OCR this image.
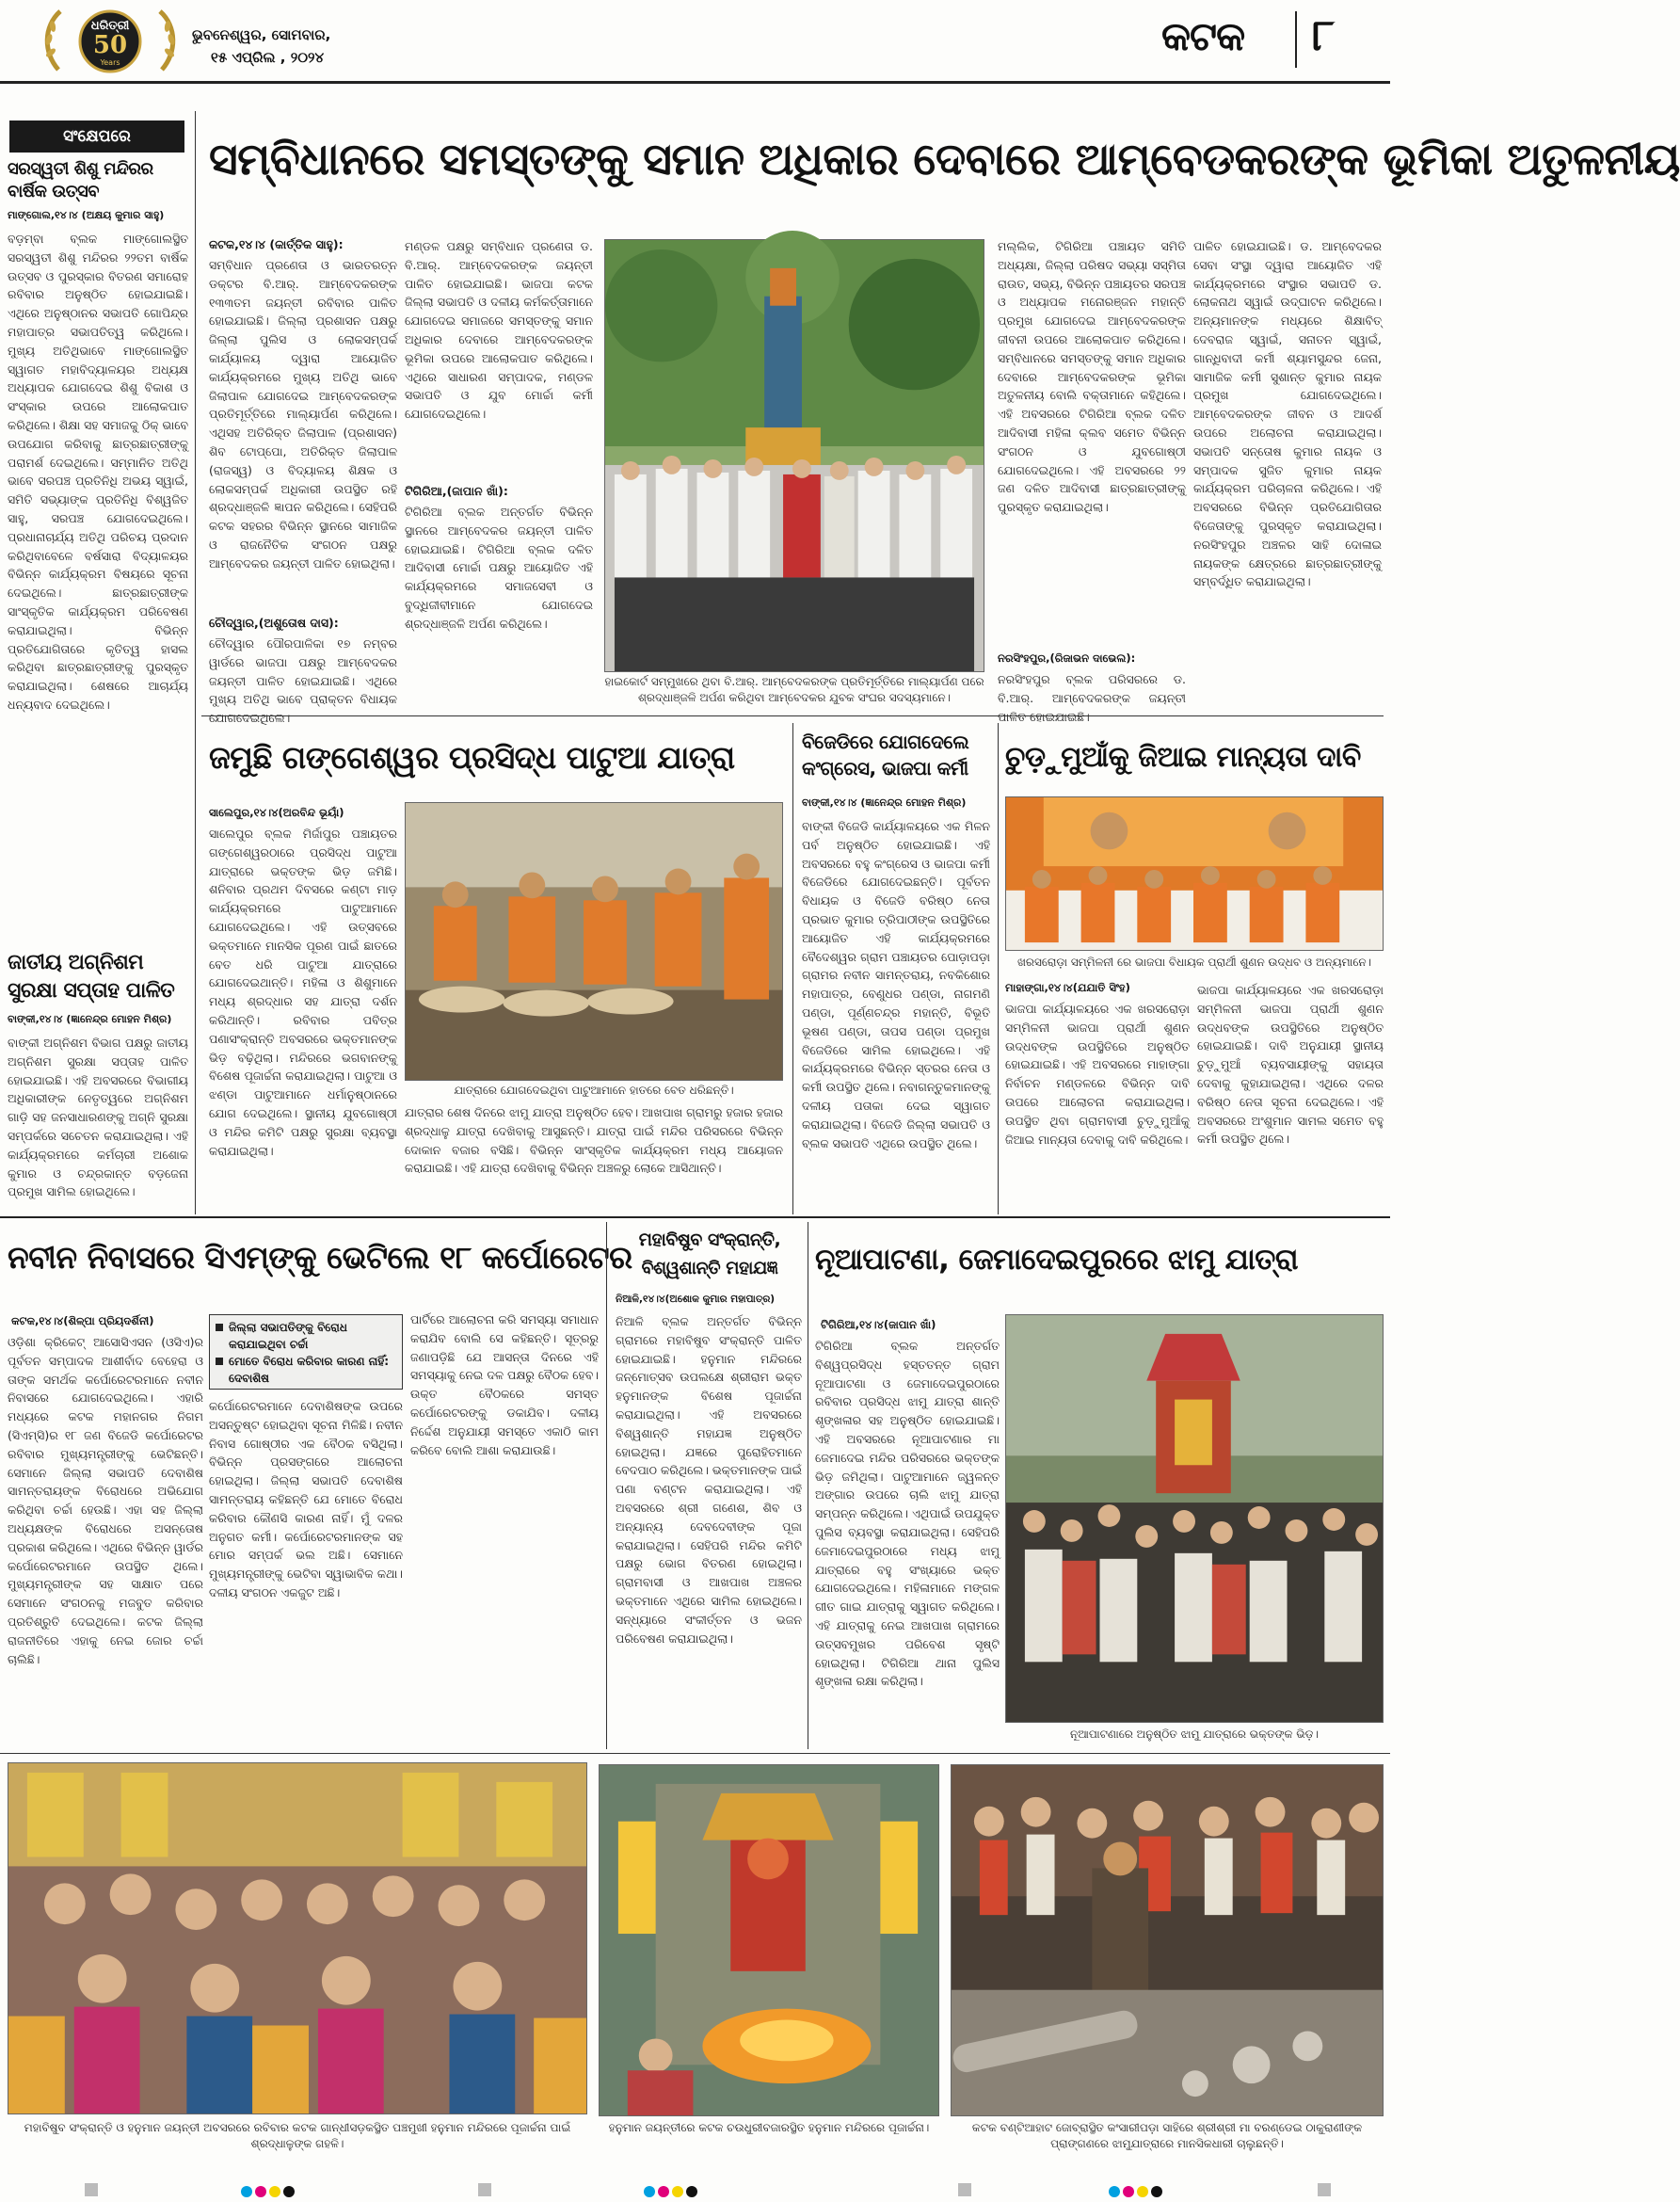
ଧରିତ୍ରୀ
50
Years
ଭୁବନେଶ୍ୱର, ସୋମବାର,
୧୫ ଏପ୍ରିଲ , ୨୦୨୪	କଟକ ୮
ସଂକ୍ଷେପରେ
ସରସ୍ୱତୀ ଶିଶୁ ମନ୍ଦିରର ବାର୍ଷିକ ଉତ୍ସବ
ମାଙ୍ଗୋଲ,୧୪।୪ (ଅକ୍ଷୟ କୁମାର ସାହୁ)
ବଡ଼ମ୍ବା ବ୍ଲକ ମାଙ୍ଗୋଲସ୍ଥିତ ସରସ୍ୱତୀ ଶିଶୁ ମନ୍ଦିରର ୨୨ତମ ବାର୍ଷିକ ଉତ୍ସବ ଓ ପୁରସ୍କାର ବିତରଣ ସମାରୋହ ରବିବାର ଅନୁଷ୍ଠିତ ହୋଇଯାଇଛି। ଏଥିରେ ଅନୁଷ୍ଠାନର ସଭାପତି ଗୋପିନ୍ଦ୍ର ମହାପାତ୍ର ସଭାପତିତ୍ୱ କରିଥିଲେ। ମୁଖ୍ୟ ଅତିଥିଭାବେ ମାଙ୍ଗୋଲସ୍ଥିତ ସ୍ୱାଗତ ମହାବିଦ୍ୟାଳୟର ଅଧ୍ୟକ୍ଷ ଅଧ୍ୟାପକ ଯୋଗଦେଇ ଶିଶୁ ବିକାଶ ଓ ସଂସ୍କାର ଉପରେ ଆଲୋକପାତ କରିଥିଲେ। ଶିକ୍ଷା ସହ ସମାଜକୁ ଠିକ୍ ଭାବେ ଉପଯୋଗ କରିବାକୁ ଛାତ୍ରଛାତ୍ରୀଙ୍କୁ ପରାମର୍ଶ ଦେଇଥିଲେ। ସମ୍ମାନିତ ଅତିଥି ଭାବେ ସରପଞ୍ଚ ପ୍ରତିନିଧି ଅଭୟ ସ୍ୱାଇଁ, ସମିତି ସଭ୍ୟାଙ୍କ ପ୍ରତିନିଧି ବିଶ୍ୱଜିତ ସାହୁ, ସରପଞ୍ଚ ଯୋଗଦେଇଥିଲେ। ପ୍ରଧାନାଚାର୍ଯ୍ୟ ଅତିଥି ପରିଚୟ ପ୍ରଦାନ କରିଥିବାବେଳେ ବର୍ଷସାରା ବିଦ୍ୟାଳୟର ବିଭିନ୍ନ କାର୍ଯ୍ୟକ୍ରମ ବିଷୟରେ ସୂଚନା ଦେଇଥିଲେ। ଛାତ୍ରଛାତ୍ରୀଙ୍କ ସାଂସ୍କୃତିକ କାର୍ଯ୍ୟକ୍ରମ ପରିବେଷଣ କରାଯାଇଥିଲା। ବିଭିନ୍ନ ପ୍ରତିଯୋଗିତାରେ କୃତିତ୍ୱ ହାସଲ କରିଥିବା ଛାତ୍ରଛାତ୍ରୀଙ୍କୁ ପୁରସ୍କୃତ କରାଯାଇଥିଲା। ଶେଷରେ ଆଚାର୍ଯ୍ୟ ଧନ୍ୟବାଦ ଦେଇଥିଲେ।
ଜାତୀୟ ଅଗ୍ନିଶମ ସୁରକ୍ଷା ସପ୍ତାହ ପାଳିତ
ବାଙ୍କୀ,୧୪।୪ (ଜ୍ଞାନେନ୍ଦ୍ର ମୋହନ ମିଶ୍ର)
ବାଙ୍କୀ ଅଗ୍ନିଶମ ବିଭାଗ ପକ୍ଷରୁ ଜାତୀୟ ଅଗ୍ନିଶମ ସୁରକ୍ଷା ସପ୍ତାହ ପାଳିତ ହୋଇଯାଇଛି। ଏହି ଅବସରରେ ବିଭାଗୀୟ ଅଧିକାରୀଙ୍କ ନେତୃତ୍ୱରେ ଅଗ୍ନିଶମ ଗାଡ଼ି ସହ ଜନସାଧାରଣଙ୍କୁ ଅଗ୍ନି ସୁରକ୍ଷା ସମ୍ପର୍କରେ ସଚେତନ କରାଯାଇଥିଲା। ଏହି କାର୍ଯ୍ୟକ୍ରମରେ କର୍ମଚାରୀ ଅଶୋକ କୁମାର ଓ ଚନ୍ଦ୍ରକାନ୍ତ ବଡ଼ଜେନା ପ୍ରମୁଖ ସାମିଲ ହୋଇଥିଲେ।
ସମ୍ବିଧାନରେ ସମସ୍ତଙ୍କୁ ସମାନ ଅଧିକାର ଦେବାରେ ଆମ୍ବେଡକରଙ୍କ ଭୂମିକା ଅତୁଳନୀୟ
କଟକ,୧୪।୪ (କାର୍ତ୍ତିକ ସାହୁ):
ସମ୍ବିଧାନ ପ୍ରଣେତା ଓ ଭାରତରତ୍ନ ଡକ୍ଟର ବି.ଆର୍. ଆମ୍ବେଦକରଙ୍କ ୧୩୩ତମ ଜୟନ୍ତୀ ରବିବାର ପାଳିତ ହୋଇଯାଇଛି। ଜିଲ୍ଲା ପ୍ରଶାସନ ପକ୍ଷରୁ ଜିଲ୍ଲା ପୁଲିସ ଓ ଲୋକସମ୍ପର୍କ କାର୍ଯ୍ୟାଳୟ ଦ୍ୱାରା ଆୟୋଜିତ କାର୍ଯ୍ୟକ୍ରମରେ ମୁଖ୍ୟ ଅତିଥି ଭାବେ ଜିଲାପାଳ ଯୋଗଦେଇ ଆମ୍ବେଦକରଙ୍କ ପ୍ରତିମୂର୍ତ୍ତିରେ ମାଲ୍ୟାର୍ପଣ କରିଥିଲେ। ଏଥିସହ ଅତିରିକ୍ତ ଜିଲାପାଳ (ପ୍ରଶାସନ) ଶିବ ଟୋପ୍ପୋ, ଅତିରିକ୍ତ ଜିଲାପାଳ (ରାଜସ୍ୱ) ଓ ବିଦ୍ୟାଳୟ ଶିକ୍ଷକ ଓ ଲୋକସମ୍ପର୍କ ଅଧିକାରୀ ଉପସ୍ଥିତ ରହି ଶ୍ରଦ୍ଧାଞ୍ଜଳି ଜ୍ଞାପନ କରିଥିଲେ। ସେହିପରି କଟକ ସହରର ବିଭିନ୍ନ ସ୍ଥାନରେ ସାମାଜିକ ଓ ରାଜନୈତିକ ସଂଗଠନ ପକ୍ଷରୁ ଆମ୍ବେଦକର ଜୟନ୍ତୀ ପାଳିତ ହୋଇଥିଲା।
ଚୌଦ୍ୱାର,(ଅଶୁତୋଷ ଦାସ):
ଚୌଦ୍ୱାର ପୌରପାଳିକା ୧୭ ନମ୍ବର ୱାର୍ଡରେ ଭାଜପା ପକ୍ଷରୁ ଆମ୍ବେଦକର ଜୟନ୍ତୀ ପାଳିତ ହୋଇଯାଇଛି। ଏଥିରେ ମୁଖ୍ୟ ଅତିଥି ଭାବେ ପ୍ରାକ୍ତନ ବିଧାୟକ ଯୋଗଦେଇଥିଲେ।
ମଣ୍ଡଳ ପକ୍ଷରୁ ସମ୍ବିଧାନ ପ୍ରଣେତା ଡ. ବି.ଆର୍. ଆମ୍ବେଦକରଙ୍କ ଜୟନ୍ତୀ ପାଳିତ ହୋଇଯାଇଛି। ଭାଜପା କଟକ ଜିଲ୍ଲା ସଭାପତି ଓ ଦଳୀୟ କର୍ମକର୍ତ୍ତାମାନେ ଯୋଗଦେଇ ସମାଜରେ ସମସ୍ତଙ୍କୁ ସମାନ ଅଧିକାର ଦେବାରେ ଆମ୍ବେଦକରଙ୍କ ଭୂମିକା ଉପରେ ଆଲୋକପାତ କରିଥିଲେ। ଏଥିରେ ସାଧାରଣ ସମ୍ପାଦକ, ମଣ୍ଡଳ ସଭାପତି ଓ ଯୁବ ମୋର୍ଚ୍ଚା କର୍ମୀ ଯୋଗଦେଇଥିଲେ।
ଟିଗିରିଆ,(ଜାପାନ ଖାଁ):
ଟିଗିରିଆ ବ୍ଲକ ଅନ୍ତର୍ଗତ ବିଭିନ୍ନ ସ୍ଥାନରେ ଆମ୍ବେଦକର ଜୟନ୍ତୀ ପାଳିତ ହୋଇଯାଇଛି। ଟିଗିରିଆ ବ୍ଲକ ଦଳିତ ଆଦିବାସୀ ମୋର୍ଚ୍ଚା ପକ୍ଷରୁ ଆୟୋଜିତ ଏହି କାର୍ଯ୍ୟକ୍ରମରେ ସମାଜସେବୀ ଓ ବୁଦ୍ଧିଜୀବୀମାନେ ଯୋଗଦେଇ ଶ୍ରଦ୍ଧାଞ୍ଜଳି ଅର୍ପଣ କରିଥିଲେ।
ହାଇକୋର୍ଟ ସମ୍ମୁଖରେ ଥିବା ବି.ଆର୍. ଆମ୍ବେଦକରଙ୍କ ପ୍ରତିମୂର୍ତ୍ତିରେ ମାଲ୍ୟାର୍ପଣ ପରେ ଶ୍ରଦ୍ଧାଞ୍ଜଳି ଅର୍ପଣ କରିଥିବା ଆମ୍ବେଦକର ଯୁବକ ସଂଘର ସଦସ୍ୟମାନେ।
ମଲ୍ଲିକ, ଟିଗିରିଆ ପଞ୍ଚାୟତ ସମିତି ଅଧ୍ୟକ୍ଷା, ଜିଲ୍ଲା ପରିଷଦ ସଭ୍ୟା ସସ୍ମିତା ରାଉତ, ସଭ୍ୟ, ବିଭିନ୍ନ ପଞ୍ଚାୟତର ସରପଞ୍ଚ ଓ ଅଧ୍ୟାପକ ମନୋରଞ୍ଜନ ମହାନ୍ତି ପ୍ରମୁଖ ଯୋଗଦେଇ ଆମ୍ବେଦକରଙ୍କ ଜୀବନୀ ଉପରେ ଆଲୋକପାତ କରିଥିଲେ। ସମ୍ବିଧାନରେ ସମସ୍ତଙ୍କୁ ସମାନ ଅଧିକାର ଦେବାରେ ଆମ୍ବେଦକରଙ୍କ ଭୂମିକା ଅତୁଳନୀୟ ବୋଲି ବକ୍ତାମାନେ କହିଥିଲେ। ଏହି ଅବସରରେ ଟିଗିରିଆ ବ୍ଲକ ଦଳିତ ଆଦିବାସୀ ମହିଳା କ୍ଲବ ସମେତ ବିଭିନ୍ନ ସଂଗଠନ ଓ ଯୁବଗୋଷ୍ଠୀ ଯୋଗଦେଇଥିଲେ। ଏହି ଅବସରରେ ୨୨ ଜଣ ଦଳିତ ଆଦିବାସୀ ଛାତ୍ରଛାତ୍ରୀଙ୍କୁ ପୁରସ୍କୃତ କରାଯାଇଥିଲା।
ନରସିଂହପୁର,(ରିଜାଭନ ଦାଭେଲ):
ନରସିଂହପୁର ବ୍ଲକ ପରିସରରେ ଡ. ବି.ଆର୍. ଆମ୍ବେଦକରଙ୍କ ଜୟନ୍ତୀ ପାଳିତ ହୋଇଯାଇଛି।
ପାଳିତ ହୋଇଯାଇଛି। ଡ. ଆମ୍ବେଦକର ସେବା ସଂସ୍ଥା ଦ୍ୱାରା ଆୟୋଜିତ ଏହି କାର୍ଯ୍ୟକ୍ରମରେ ସଂସ୍ଥାର ସଭାପତି ଡ. ଲୋକନାଥ ସ୍ୱାଇଁ ଉଦ୍‌ଘାଟନ କରିଥିଲେ। ଅନ୍ୟମାନଙ୍କ ମଧ୍ୟରେ ଶିକ୍ଷାବିତ୍ ଦେବରାଜ ସ୍ୱାଇଁ, ସନାତନ ସ୍ୱାଇଁ, ଗାନ୍ଧିବାଦୀ କର୍ମୀ ଶ୍ୟାମସୁନ୍ଦର ଜେନା, ସାମାଜିକ କର୍ମୀ ସୁଶାନ୍ତ କୁମାର ନାୟକ ପ୍ରମୁଖ ଯୋଗଦେଇଥିଲେ। ଆମ୍ବେଦକରଙ୍କ ଜୀବନ ଓ ଆଦର୍ଶ ଉପରେ ଅଲୋଚନା କରାଯାଇଥିଲା। ସଭାପତି ସନ୍ତୋଷ କୁମାର ନାୟକ ଓ ସମ୍ପାଦକ ସୁଜିତ କୁମାର ନାୟକ କାର୍ଯ୍ୟକ୍ରମ ପରିଚାଳନା କରିଥିଲେ। ଏହି ଅବସରରେ ବିଭିନ୍ନ ପ୍ରତିଯୋଗିତାର ବିଜେତାଙ୍କୁ ପୁରସ୍କୃତ କରାଯାଇଥିଲା। ନରସିଂହପୁର ଅଞ୍ଚଳର ସାହି ଦୋଳାଇ ନାୟକଙ୍କ କ୍ଷେତ୍ରରେ ଛାତ୍ରଛାତ୍ରୀଙ୍କୁ ସମ୍ବର୍ଦ୍ଧିତ କରାଯାଇଥିଲା।
ଜମୁଛି ଗଙ୍ଗେଶ୍ୱର ପ୍ରସିଦ୍ଧ ପାଟୁଆ ଯାତ୍ରା
ସାଲେପୁର,୧୪।୪(ଅରବିନ୍ଦ ଭୂୟାଁ)
ସାଲେପୁର ବ୍ଲକ ମିର୍ଜାପୁର ପଞ୍ଚାୟତର ଗଙ୍ଗେଶ୍ୱରଠାରେ ପ୍ରସିଦ୍ଧ ପାଟୁଆ ଯାତ୍ରାରେ ଭକ୍ତଙ୍କ ଭିଡ଼ ଜମିଛି। ଶନିବାର ପ୍ରଥମ ଦିବସରେ କଣ୍ଟା ମାଡ଼ କାର୍ଯ୍ୟକ୍ରମରେ ପାଟୁଆମାନେ ଯୋଗଦେଇଥିଲେ। ଏହି ଉତ୍ସବରେ ଭକ୍ତମାନେ ମାନସିକ ପୂରଣ ପାଇଁ ଛାତରେ ବେତ ଧରି ପାଟୁଆ ଯାତ୍ରାରେ ଯୋଗଦେଇଥାନ୍ତି। ମହିଳା ଓ ଶିଶୁମାନେ ମଧ୍ୟ ଶ୍ରଦ୍ଧାର ସହ ଯାତ୍ରା ଦର୍ଶନ କରିଥାନ୍ତି। ରବିବାର ପବିତ୍ର ପଣାସଂକ୍ରାନ୍ତି ଅବସରରେ ଭକ୍ତମାନଙ୍କ ଭିଡ଼ ବଢ଼ିଥିଲା। ମନ୍ଦିରରେ ଭଗବାନଙ୍କୁ ବିଶେଷ ପୂଜାର୍ଚ୍ଚନା କରାଯାଇଥିଲା। ପାଟୁଆ ଓ ଝଣ୍ଡା ପାଟୁଆମାନେ ଧର୍ମାନୁଷ୍ଠାନରେ ଯୋଗ ଦେଇଥିଲେ। ସ୍ଥାନୀୟ ଯୁବଗୋଷ୍ଠୀ ଓ ମନ୍ଦିର କମିଟି ପକ୍ଷରୁ ସୁରକ୍ଷା ବ୍ୟବସ୍ଥା କରାଯାଇଥିଲା।
ଯାତ୍ରାରେ ଯୋଗଦେଇଥିବା ପାଟୁଆମାନେ ହାତରେ ବେତ ଧରିଛନ୍ତି।
ଯାତ୍ରାର ଶେଷ ଦିନରେ ଝାମୁ ଯାତ୍ରା ଅନୁଷ୍ଠିତ ହେବ। ଆଖପାଖ ଗ୍ରାମରୁ ହଜାର ହଜାର ଶ୍ରଦ୍ଧାଳୁ ଯାତ୍ରା ଦେଖିବାକୁ ଆସୁଛନ୍ତି। ଯାତ୍ରା ପାଇଁ ମନ୍ଦିର ପରିସରରେ ବିଭିନ୍ନ ଦୋକାନ ବଜାର ବସିଛି। ବିଭିନ୍ନ ସାଂସ୍କୃତିକ କାର୍ଯ୍ୟକ୍ରମ ମଧ୍ୟ ଆୟୋଜନ କରାଯାଇଛି। ଏହି ଯାତ୍ରା ଦେଖିବାକୁ ବିଭିନ୍ନ ଅଞ୍ଚଳରୁ ଲୋକେ ଆସିଥାନ୍ତି।
ବିଜେଡିରେ ଯୋଗଦେଲେ କଂଗ୍ରେସ, ଭାଜପା କର୍ମୀ
ବାଙ୍କୀ,୧୪।୪ (ଜ୍ଞାନେନ୍ଦ୍ର ମୋହନ ମିଶ୍ର)
ବାଙ୍କୀ ବିଜେଡି କାର୍ଯ୍ୟାଳୟରେ ଏକ ମିଳନ ପର୍ବ ଅନୁଷ୍ଠିତ ହୋଇଯାଇଛି। ଏହି ଅବସରରେ ବହୁ କଂଗ୍ରେସ ଓ ଭାଜପା କର୍ମୀ ବିଜେଡିରେ ଯୋଗଦେଇଛନ୍ତି। ପୂର୍ବତନ ବିଧାୟକ ଓ ବିଜେଡି ବରିଷ୍ଠ ନେତା ପ୍ରଭାତ କୁମାର ତ୍ରିପାଠୀଙ୍କ ଉପସ୍ଥିତିରେ ଆୟୋଜିତ ଏହି କାର୍ଯ୍ୟକ୍ରମରେ ବୈଦେଶ୍ୱର ଗ୍ରାମ ପଞ୍ଚାୟତର ପୋଡ଼ାପଡ଼ା ଗ୍ରାମର ନବୀନ ସାମନ୍ତରାୟ, ନବକିଶୋର ମହାପାତ୍ର, ବେଣୁଧର ପଣ୍ଡା, ନାଗମଣି ପଣ୍ଡା, ପୂର୍ଣ୍ଣଚନ୍ଦ୍ର ମହାନ୍ତି, ବିଭୂତି ଭୂଷଣ ପଣ୍ଡା, ତାପସ ପଣ୍ଡା ପ୍ରମୁଖ ବିଜେଡିରେ ସାମିଲ ହୋଇଥିଲେ। ଏହି କାର୍ଯ୍ୟକ୍ରମରେ ବିଭିନ୍ନ ସ୍ତରର ନେତା ଓ କର୍ମୀ ଉପସ୍ଥିତ ଥିଲେ। ନବାଗନ୍ତୁକମାନଙ୍କୁ ଦଳୀୟ ପତାକା ଦେଇ ସ୍ୱାଗତ କରାଯାଇଥିଲା। ବିଜେଡି ଜିଲ୍ଲା ସଭାପତି ଓ ବ୍ଲକ ସଭାପତି ଏଥିରେ ଉପସ୍ଥିତ ଥିଲେ।
ଚୁଡ଼ୁମୁଆଁକୁ ଜିଆଇ ମାନ୍ୟତା ଦାବି
ଖରସରୋଡ଼ା ସମ୍ମିଳନୀ ରେ ଭାଜପା ବିଧାୟକ ପ୍ରାର୍ଥୀ ଶୁଣନ ଉଦ୍‌ଧବ ଓ ଅନ୍ୟମାନେ।
ମାହାଙ୍ଗା,୧୪।୪(ଯଯାତି ସିଂହ)
ଭାଜପା କାର୍ଯ୍ୟାଳୟରେ ଏକ ଖରସରୋଡ଼ା ସମ୍ମିଳନୀ ଭାଜପା ପ୍ରାର୍ଥୀ ଶୁଣନ ଉଦ୍‌ଧବଙ୍କ ଉପସ୍ଥିତିରେ ଅନୁଷ୍ଠିତ ହୋଇଯାଇଛି। ଏହି ଅବସରରେ ମାହାଙ୍ଗା ନିର୍ବାଚନ ମଣ୍ଡଳରେ ବିଭିନ୍ନ ଦାବି ଉପରେ ଆଲୋଚନା କରାଯାଇଥିଲା। ଉପସ୍ଥିତ ଥିବା ଗ୍ରାମବାସୀ ଚୁଡ଼ୁମୁଆଁକୁ ଜିଆଇ ମାନ୍ୟତା ଦେବାକୁ ଦାବି କରିଥିଲେ।
ଭାଜପା କାର୍ଯ୍ୟାଳୟରେ ଏକ ଖରସରୋଡ଼ା ସମ୍ମିଳନୀ ଭାଜପା ପ୍ରାର୍ଥୀ ଶୁଣନ ଉଦ୍‌ଧବଙ୍କ ଉପସ୍ଥିତିରେ ଅନୁଷ୍ଠିତ ହୋଇଯାଇଛି। ଦାବି ଅନୁଯାୟୀ ସ୍ଥାନୀୟ ଚୁଡ଼ୁମୁଆଁ ବ୍ୟବସାୟୀଙ୍କୁ ସହାୟତା ଦେବାକୁ କୁହାଯାଇଥିଲା। ଏଥିରେ ଦଳର ବରିଷ୍ଠ ନେତା ସୂଚନା ଦେଇଥିଲେ। ଏହି ଅବସରରେ ଅଂଶୁମାନ ସାମଲ ସମେତ ବହୁ କର୍ମୀ ଉପସ୍ଥିତ ଥିଲେ।
ନବୀନ ନିବାସରେ ସିଏମ୍‌ଙ୍କୁ ଭେଟିଲେ ୧୮ କର୍ପୋରେଟର
କଟକ,୧୪।୪(ଶିଳ୍ପା ପ୍ରିୟଦର୍ଶିନୀ)
ଓଡ଼ିଶା କ୍ରିକେଟ୍ ଆସୋସିଏସନ (ଓସିଏ)ର ପୂର୍ବତନ ସମ୍ପାଦକ ଆଶୀର୍ବାଦ ବେହେରା ଓ ତାଙ୍କ ସମର୍ଥକ କର୍ପୋରେଟରମାନେ ନବୀନ ନିବାସରେ ଯୋଗଦେଇଥିଲେ। ଏହାରି ମଧ୍ୟରେ କଟକ ମହାନଗର ନିଗମ (ସିଏମ୍‌ସି)ର ୧୮ ଜଣ ବିଜେଡି କର୍ପୋରେଟର ରବିବାର ମୁଖ୍ୟମନ୍ତ୍ରୀଙ୍କୁ ଭେଟିଛନ୍ତି। ସେମାନେ ଜିଲ୍ଲା ସଭାପତି ଦେବାଶିଷ ସାମନ୍ତରାୟଙ୍କ ବିରୋଧରେ ଅଭିଯୋଗ କରିଥିବା ଚର୍ଚ୍ଚା ହେଉଛି। ଏହା ସହ ଜିଲ୍ଲା ଅଧ୍ୟକ୍ଷଙ୍କ ବିରୋଧରେ ଅସନ୍ତୋଷ ପ୍ରକାଶ କରିଥିଲେ। ଏଥିରେ ବିଭିନ୍ନ ୱାର୍ଡର କର୍ପୋରେଟରମାନେ ଉପସ୍ଥିତ ଥିଲେ। ମୁଖ୍ୟମନ୍ତ୍ରୀଙ୍କ ସହ ସାକ୍ଷାତ ପରେ ସେମାନେ ସଂଗଠନକୁ ମଜବୁତ କରିବାର ପ୍ରତିଶ୍ରୁତି ଦେଇଥିଲେ। କଟକ ଜିଲ୍ଲା ରାଜନୀତିରେ ଏହାକୁ ନେଇ ଜୋର ଚର୍ଚ୍ଚା ଚାଲିଛି।
ଜିଲ୍ଲା ସଭାପତିଙ୍କୁ ବିରୋଧ କରାଯାଇଥିବା ଚର୍ଚ୍ଚା
ମୋତେ ବିରୋଧ କରିବାର କାରଣ ନାହିଁ: ଦେବାଶିଷ
କର୍ପୋରେଟରମାନେ ଦେବାଶିଷଙ୍କ ଉପରେ ଅସନ୍ତୁଷ୍ଟ ହୋଇଥିବା ସୂଚନା ମିଳିଛି। ନବୀନ ନିବାସ ଗୋଷ୍ଠୀର ଏକ ବୈଠକ ବସିଥିଲା। ବିଭିନ୍ନ ପ୍ରସଙ୍ଗରେ ଆଲୋଚନା ହୋଇଥିଲା। ଜିଲ୍ଲା ସଭାପତି ଦେବାଶିଷ ସାମନ୍ତରାୟ କହିଛନ୍ତି ଯେ ମୋତେ ବିରୋଧ କରିବାର କୌଣସି କାରଣ ନାହିଁ। ମୁଁ ଦଳର ଅନୁଗତ କର୍ମୀ। କର୍ପୋରେଟରମାନଙ୍କ ସହ ମୋର ସମ୍ପର୍କ ଭଲ ଅଛି। ସେମାନେ ମୁଖ୍ୟମନ୍ତ୍ରୀଙ୍କୁ ଭେଟିବା ସ୍ୱାଭାବିକ କଥା। ଦଳୀୟ ସଂଗଠନ ଏକଜୁଟ ଅଛି।
ପାର୍ଟିରେ ଆଲୋଚନା କରି ସମସ୍ୟା ସମାଧାନ କରାଯିବ ବୋଲି ସେ କହିଛନ୍ତି। ସୂତ୍ରରୁ ଜଣାପଡ଼ିଛି ଯେ ଆସନ୍ତା ଦିନରେ ଏହି ସମସ୍ୟାକୁ ନେଇ ଦଳ ପକ୍ଷରୁ ବୈଠକ ହେବ। ଉକ୍ତ ବୈଠକରେ ସମସ୍ତ କର୍ପୋରେଟରଙ୍କୁ ଡକାଯିବ। ଦଳୀୟ ନିର୍ଦ୍ଦେଶ ଅନୁଯାୟୀ ସମସ୍ତେ ଏକାଠି କାମ କରିବେ ବୋଲି ଆଶା କରାଯାଉଛି।
ମହାବିଷୁବ ସଂକ୍ରାନ୍ତି, ବିଶ୍ୱଶାନ୍ତି ମହାଯଜ୍ଞ
ନିଆଳି,୧୪।୪(ଅଶୋକ କୁମାର ମହାପାତ୍ର)
ନିଆଳି ବ୍ଲକ ଅନ୍ତର୍ଗତ ବିଭିନ୍ନ ଗ୍ରାମରେ ମହାବିଷୁବ ସଂକ୍ରାନ୍ତି ପାଳିତ ହୋଇଯାଇଛି। ହନୁମାନ ମନ୍ଦିରରେ ଜନ୍ମୋତ୍ସବ ଉପଲକ୍ଷେ ଶ୍ରୀରାମ ଭକ୍ତ ହନୁମାନଙ୍କ ବିଶେଷ ପୂଜାର୍ଚ୍ଚନା କରାଯାଇଥିଲା। ଏହି ଅବସରରେ ବିଶ୍ୱଶାନ୍ତି ମହାଯଜ୍ଞ ଅନୁଷ୍ଠିତ ହୋଇଥିଲା। ଯଜ୍ଞରେ ପୁରୋହିତମାନେ ବେଦପାଠ କରିଥିଲେ। ଭକ୍ତମାନଙ୍କ ପାଇଁ ପଣା ବଣ୍ଟନ କରାଯାଇଥିଲା। ଏହି ଅବସରରେ ଶ୍ରୀ ଗଣେଶ, ଶିବ ଓ ଅନ୍ୟାନ୍ୟ ଦେବଦେବୀଙ୍କ ପୂଜା କରାଯାଇଥିଲା। ସେହିପରି ମନ୍ଦିର କମିଟି ପକ୍ଷରୁ ଭୋଗ ବିତରଣ ହୋଇଥିଲା। ଗ୍ରାମବାସୀ ଓ ଆଖପାଖ ଅଞ୍ଚଳର ଭକ୍ତମାନେ ଏଥିରେ ସାମିଲ ହୋଇଥିଲେ। ସନ୍ଧ୍ୟାରେ ସଂକୀର୍ତ୍ତନ ଓ ଭଜନ ପରିବେଷଣ କରାଯାଇଥିଲା।
ନୂଆପାଟଣା, ଜେମାଦେଇପୁରରେ ଝାମୁ ଯାତ୍ରା
ଟିଗିରିଆ,୧୪।୪(ଜାପାନ ଖାଁ)
ଟିଗିରିଆ ବ୍ଲକ ଅନ୍ତର୍ଗତ ବିଶ୍ୱପ୍ରସିଦ୍ଧ ହସ୍ତତନ୍ତ ଗ୍ରାମ ନୂଆପାଟଣା ଓ ଜେମାଦେଇପୁରଠାରେ ରବିବାର ପ୍ରସିଦ୍ଧ ଝାମୁ ଯାତ୍ରା ଶାନ୍ତି ଶୃଙ୍ଖଳାର ସହ ଅନୁଷ୍ଠିତ ହୋଇଯାଇଛି। ଏହି ଅବସରରେ ନୂଆପାଟଣାର ମା ଜେମାଦେଇ ମନ୍ଦିର ପରିସରରେ ଭକ୍ତଙ୍କ ଭିଡ଼ ଜମିଥିଲା। ପାଟୁଆମାନେ ଜ୍ୱଳନ୍ତ ଅଙ୍ଗାର ଉପରେ ଚାଲି ଝାମୁ ଯାତ୍ରା ସମ୍ପନ୍ନ କରିଥିଲେ। ଏଥିପାଇଁ ଉପଯୁକ୍ତ ପୁଲିସ ବ୍ୟବସ୍ଥା କରାଯାଇଥିଲା। ସେହିପରି ଜେମାଦେଇପୁରଠାରେ ମଧ୍ୟ ଝାମୁ ଯାତ୍ରାରେ ବହୁ ସଂଖ୍ୟାରେ ଭକ୍ତ ଯୋଗଦେଇଥିଲେ। ମହିଳାମାନେ ମଙ୍ଗଳ ଗୀତ ଗାଇ ଯାତ୍ରାକୁ ସ୍ୱାଗତ କରିଥିଲେ। ଏହି ଯାତ୍ରାକୁ ନେଇ ଆଖପାଖ ଗ୍ରାମରେ ଉତ୍ସବମୁଖର ପରିବେଶ ସୃଷ୍ଟି ହୋଇଥିଲା। ଟିଗିରିଆ ଥାନା ପୁଲିସ ଶୃଙ୍ଖଳା ରକ୍ଷା କରିଥିଲା।
ନୂଆପାଟଣାରେ ଅନୁଷ୍ଠିତ ଝାମୁ ଯାତ୍ରାରେ ଭକ୍ତଙ୍କ ଭିଡ଼।
ମହାବିଷୁବ ସଂକ୍ରାନ୍ତି ଓ ହନୁମାନ ଜୟନ୍ତୀ ଅବସରରେ ରବିବାର କଟକ ଗାନ୍ଧୀସଡ଼କସ୍ଥିତ ପଞ୍ଚମୁଖୀ ହନୁମାନ ମନ୍ଦିରରେ ପୂଜାର୍ଚ୍ଚନା ପାଇଁ ଶ୍ରଦ୍ଧାଳୁଙ୍କ ଗହଳି।
ହନୁମାନ ଜୟନ୍ତୀରେ କଟକ ଚଉଧୁରୀବଜାରସ୍ଥିତ ହନୁମାନ ମନ୍ଦିରରେ ପୂଜାର୍ଚ୍ଚନା।	କଟକ ବଣ୍ଟିଆହାଟ ଜୋବ୍ରାସ୍ଥିତ କଂସାରୀପଡ଼ା ସାହିରେ ଶ୍ରୀଶ୍ରୀ ମା ବରଣ୍ଡେଇ ଠାକୁରାଣୀଙ୍କ ପ୍ରାଙ୍ଗଣରେ ଝାମୁଯାତ୍ରାରେ ମାନସିକଧାରୀ ଚାଲୁଛନ୍ତି।
